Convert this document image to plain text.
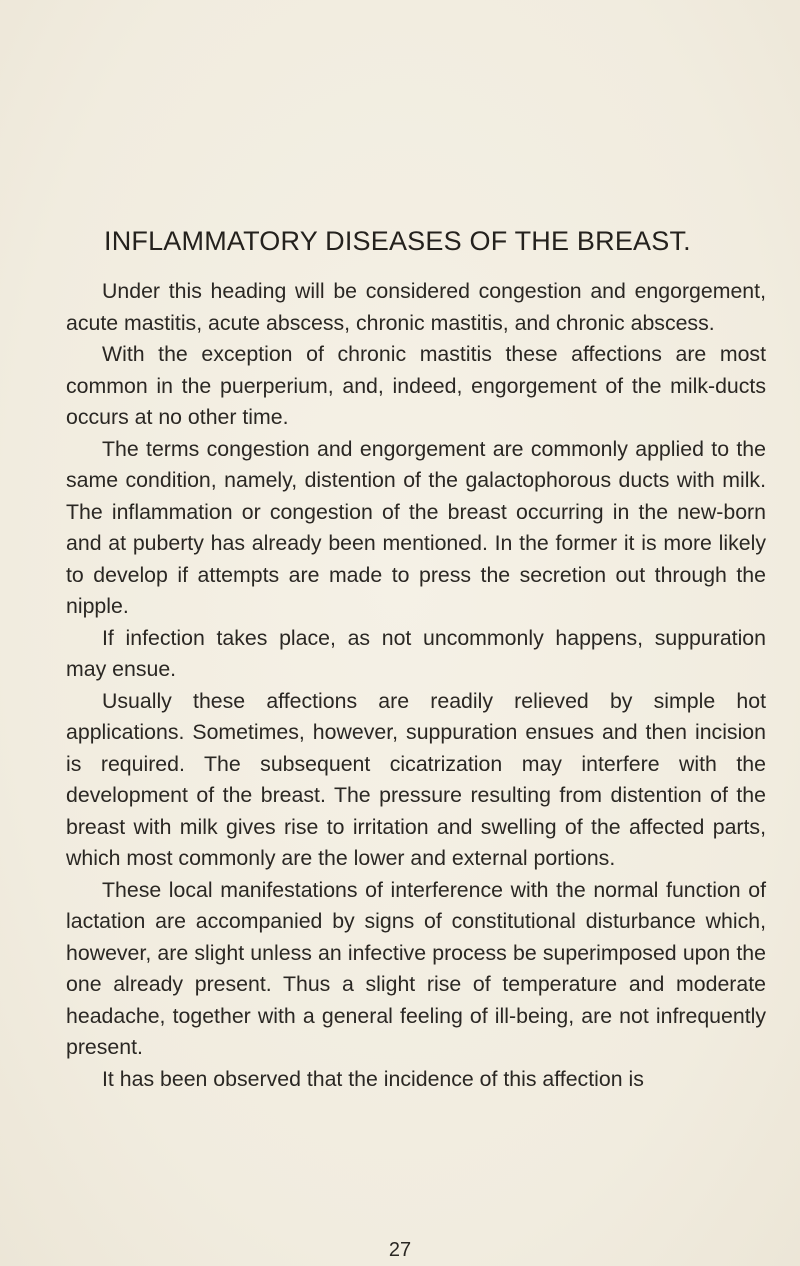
INFLAMMATORY DISEASES OF THE BREAST.

Under this heading will be considered congestion and engorgement, acute mastitis, acute abscess, chronic mastitis, and chronic abscess.

With the exception of chronic mastitis these affections are most common in the puerperium, and, indeed, engorgement of the milk-ducts occurs at no other time.

The terms congestion and engorgement are commonly applied to the same condition, namely, distention of the galactophorous ducts with milk. The inflammation or congestion of the breast occurring in the new-born and at puberty has already been mentioned. In the former it is more likely to develop if attempts are made to press the secretion out through the nipple.

If infection takes place, as not uncommonly happens, suppuration may ensue.

Usually these affections are readily relieved by simple hot applications. Sometimes, however, suppuration ensues and then incision is required. The subsequent cicatrization may interfere with the development of the breast. The pressure resulting from distention of the breast with milk gives rise to irritation and swelling of the affected parts, which most commonly are the lower and external portions.

These local manifestations of interference with the normal function of lactation are accompanied by signs of constitutional disturbance which, however, are slight unless an infective process be superimposed upon the one already present. Thus a slight rise of temperature and moderate headache, together with a general feeling of ill-being, are not infrequently present.

It has been observed that the incidence of this affection is

27
